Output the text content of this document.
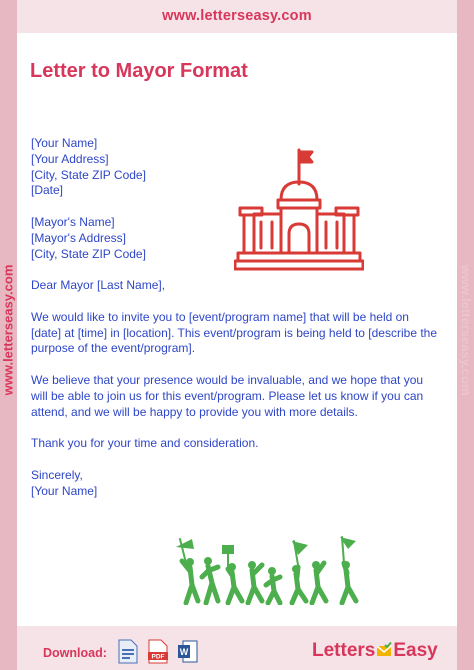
www.letterseasy.com
www.letterseasy.com	www.letterseasy.com
Letter to Mayor Format

[Your Name]

[Your Address]

[City, State ZIP Code]

[Date]

[Mayor's Name]

[Mayor's Address]

[City, State ZIP Code]

Dear Mayor [Last Name],

We would like to invite you to [event/program name] that will be held on [date] at [time] in [location]. This event/program is being held to [describe the purpose of the event/program].

We believe that your presence would be invaluable, and we hope that you will be able to join us for this event/program. Please let us know if you can attend, and we will be happy to provide you with more details.

Thank you for your time and consideration.

Sincerely,

[Your Name]

Download:	PDF W	Letters Easy
